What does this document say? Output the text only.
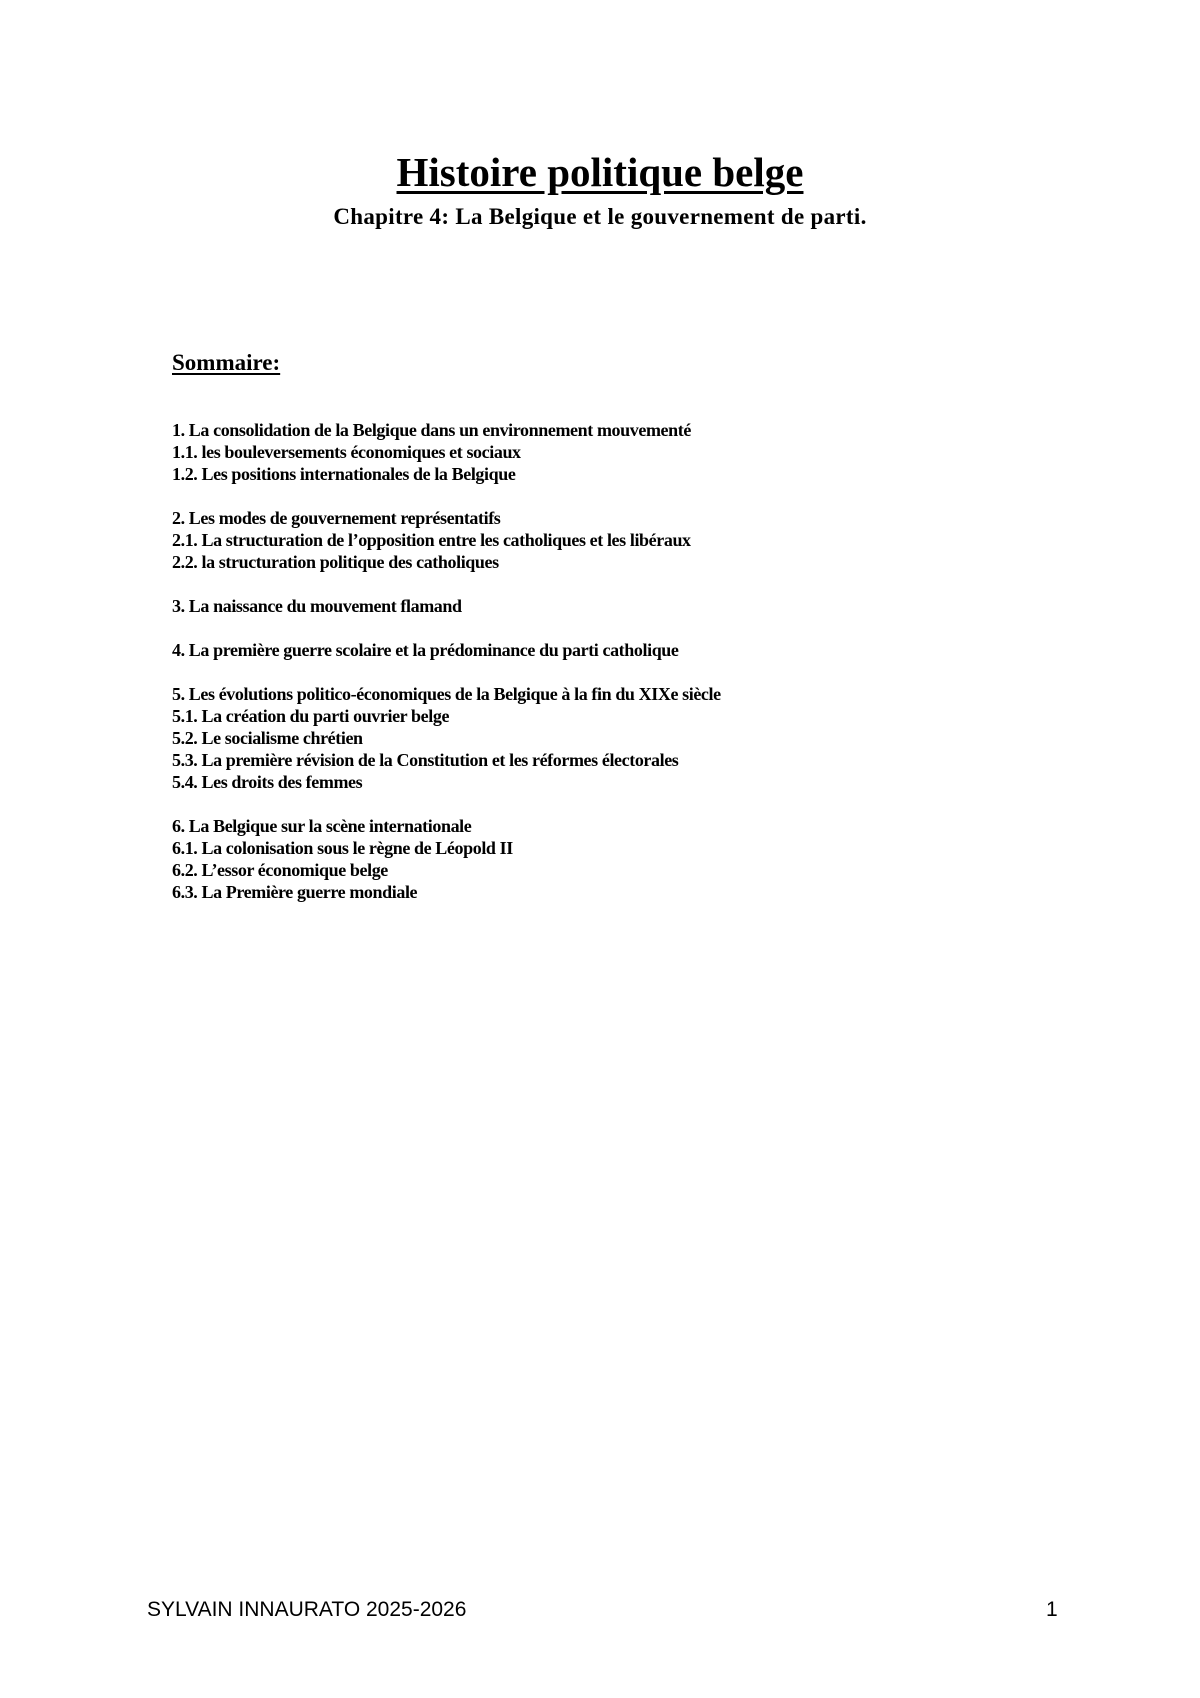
Histoire politique belge
Chapitre 4: La Belgique et le gouvernement de parti.
Sommaire:
1. La consolidation de la Belgique dans un environnement mouvementé
1.1. les bouleversements économiques et sociaux
1.2. Les positions internationales de la Belgique
2. Les modes de gouvernement représentatifs
2.1. La structuration de l’opposition entre les catholiques et les libéraux
2.2. la structuration politique des catholiques
3. La naissance du mouvement flamand
4. La première guerre scolaire et la prédominance du parti catholique
5. Les évolutions politico-économiques de la Belgique à la fin du XIXe siècle
5.1. La création du parti ouvrier belge
5.2. Le socialisme chrétien
5.3. La première révision de la Constitution et les réformes électorales
5.4. Les droits des femmes
6. La Belgique sur la scène internationale
6.1. La colonisation sous le règne de Léopold II
6.2. L’essor économique belge
6.3. La Première guerre mondiale
SYLVAIN INNAURATO 2025-2026	1
